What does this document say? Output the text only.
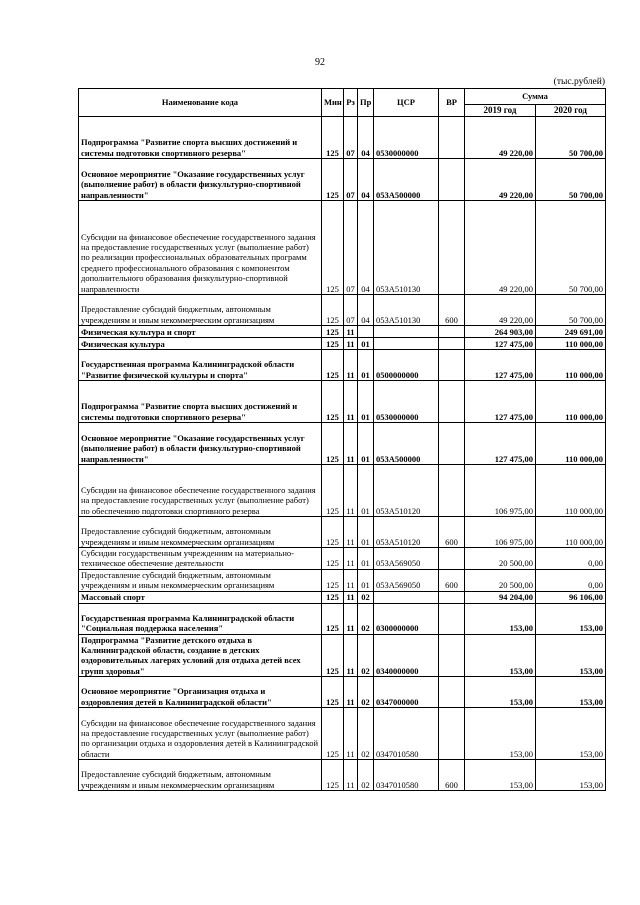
92
(тыс.рублей)
Наименование кода	Мин	Рз	Пр	ЦСР	ВР	Сумма	
						2019 год	2020 год
Подпрограмма "Развитие спорта высших достижений и системы подготовки спортивного резерва"	125	07	04	0530000000		49 220,00	50 700,00
Основное мероприятие "Оказание государственных услуг (выполнение работ) в области физкультурно-спортивной направленности"	125	07	04	053A500000		49 220,00	50 700,00
Субсидии на финансовое обеспечение государственного задания на предоставление государственных услуг (выполнение работ) по реализации профессиональных образовательных программ среднего профессионального образования с компонентом дополнительного образования физкультурно-спортивной направленности	125	07	04	053A510130		49 220,00	50 700,00
Предоставление субсидий бюджетным, автономным учреждениям и иным некоммерческим организациям	125	07	04	053A510130	600	49 220,00	50 700,00
Физическая культура и спорт	125	11				264 903,00	249 691,00
Физическая культура	125	11	01			127 475,00	110 000,00
Государственная программа Калининградской области "Развитие физической культуры и спорта"	125	11	01	0500000000		127 475,00	110 000,00
Подпрограмма "Развитие спорта высших достижений и системы подготовки спортивного резерва"	125	11	01	0530000000		127 475,00	110 000,00
Основное мероприятие "Оказание государственных услуг (выполнение работ) в области физкультурно-спортивной направленности"	125	11	01	053A500000		127 475,00	110 000,00
Субсидии на финансовое обеспечение государственного задания на предоставление государственных услуг (выполнение работ) по обеспечению подготовки спортивного резерва	125	11	01	053A510120		106 975,00	110 000,00
Предоставление субсидий бюджетным, автономным учреждениям и иным некоммерческим организациям	125	11	01	053A510120	600	106 975,00	110 000,00
Субсидии государственным учреждениям на материально-техническое обеспечение деятельности	125	11	01	053A569050		20 500,00	0,00
Предоставление субсидий бюджетным, автономным учреждениям и иным некоммерческим организациям	125	11	01	053A569050	600	20 500,00	0,00
Массовый спорт	125	11	02			94 204,00	96 106,00
Государственная программа Калининградской области "Социальная поддержка населения"	125	11	02	0300000000		153,00	153,00
Подпрограмма "Развитие детского отдыха в Калининградской области, создание в детских оздоровительных лагерях условий для отдыха детей всех групп здоровья"	125	11	02	0340000000		153,00	153,00
Основное мероприятие "Организация отдыха и оздоровления детей в Калининградской области"	125	11	02	0347000000		153,00	153,00
Субсидии на финансовое обеспечение государственного задания на предоставление государственных услуг (выполнение работ) по организации отдыха и оздоровления детей в Калининградской области	125	11	02	0347010580		153,00	153,00
Предоставление субсидий бюджетным, автономным учреждениям и иным некоммерческим организациям	125	11	02	0347010580	600	153,00	153,00
